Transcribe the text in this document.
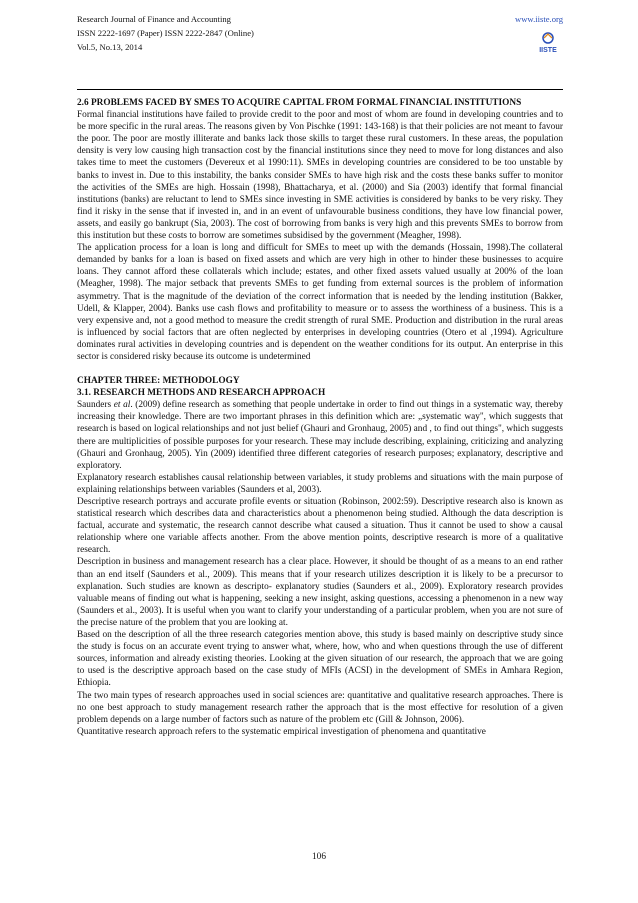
Research Journal of Finance and Accounting
ISSN 2222-1697 (Paper) ISSN 2222-2847 (Online)
Vol.5, No.13, 2014
www.iiste.org
IISTE

2.6 PROBLEMS FACED BY SMES TO ACQUIRE CAPITAL FROM FORMAL FINANCIAL INSTITUTIONS

Formal financial institutions have failed to provide credit to the poor and most of whom are found in developing countries and to be more specific in the rural areas. The reasons given by Von Pischke (1991: 143-168) is that their policies are not meant to favour the poor. The poor are mostly illiterate and banks lack those skills to target these rural customers. In these areas, the population density is very low causing high transaction cost by the financial institutions since they need to move for long distances and also takes time to meet the customers (Devereux et al 1990:11). SMEs in developing countries are considered to be too unstable by banks to invest in. Due to this instability, the banks consider SMEs to have high risk and the costs these banks suffer to monitor the activities of the SMEs are high. Hossain (1998), Bhattacharya, et al. (2000) and Sia (2003) identify that formal financial institutions (banks) are reluctant to lend to SMEs since investing in SME activities is considered by banks to be very risky. They find it risky in the sense that if invested in, and in an event of unfavourable business conditions, they have low financial power, assets, and easily go bankrupt (Sia, 2003). The cost of borrowing from banks is very high and this prevents SMEs to borrow from this institution but these costs to borrow are sometimes subsidised by the government (Meagher, 1998).

The application process for a loan is long and difficult for SMEs to meet up with the demands (Hossain, 1998).The collateral demanded by banks for a loan is based on fixed assets and which are very high in other to hinder these businesses to acquire loans. They cannot afford these collaterals which include; estates, and other fixed assets valued usually at 200% of the loan (Meagher, 1998). The major setback that prevents SMEs to get funding from external sources is the problem of information asymmetry. That is the magnitude of the deviation of the correct information that is needed by the lending institution (Bakker, Udell, & Klapper, 2004). Banks use cash flows and profitability to measure or to assess the worthiness of a business. This is a very expensive and, not a good method to measure the credit strength of rural SME. Production and distribution in the rural areas is influenced by social factors that are often neglected by enterprises in developing countries (Otero et al ,1994). Agriculture dominates rural activities in developing countries and is dependent on the weather conditions for its output. An enterprise in this sector is considered risky because its outcome is undetermined

CHAPTER THREE: METHODOLOGY

3.1. RESEARCH METHODS AND RESEARCH APPROACH

Saunders et al. (2009) define research as something that people undertake in order to find out things in a systematic way, thereby increasing their knowledge. There are two important phrases in this definition which are: „systematic way", which suggests that research is based on logical relationships and not just belief (Ghauri and Gronhaug, 2005) and , to find out things", which suggests there are multiplicities of possible purposes for your research. These may include describing, explaining, criticizing and analyzing (Ghauri and Gronhaug, 2005). Yin (2009) identified three different categories of research purposes; explanatory, descriptive and exploratory.

Explanatory research establishes causal relationship between variables, it study problems and situations with the main purpose of explaining relationships between variables (Saunders et al, 2003).

Descriptive research portrays and accurate profile events or situation (Robinson, 2002:59). Descriptive research also is known as statistical research which describes data and characteristics about a phenomenon being studied. Although the data description is factual, accurate and systematic, the research cannot describe what caused a situation. Thus it cannot be used to show a causal relationship where one variable affects another. From the above mention points, descriptive research is more of a qualitative research.

Description in business and management research has a clear place. However, it should be thought of as a means to an end rather than an end itself (Saunders et al., 2009). This means that if your research utilizes description it is likely to be a precursor to explanation. Such studies are known as descripto- explanatory studies (Saunders et al., 2009). Exploratory research provides valuable means of finding out what is happening, seeking a new insight, asking questions, accessing a phenomenon in a new way (Saunders et al., 2003). It is useful when you want to clarify your understanding of a particular problem, when you are not sure of the precise nature of the problem that you are looking at.

Based on the description of all the three research categories mention above, this study is based mainly on descriptive study since the study is focus on an accurate event trying to answer what, where, how, who and when questions through the use of different sources, information and already existing theories. Looking at the given situation of our research, the approach that we are going to used is the descriptive approach based on the case study of MFIs (ACSI) in the development of SMEs in Amhara Region, Ethiopia.

The two main types of research approaches used in social sciences are: quantitative and qualitative research approaches. There is no one best approach to study management research rather the approach that is the most effective for resolution of a given problem depends on a large number of factors such as nature of the problem etc (Gill & Johnson, 2006).

Quantitative research approach refers to the systematic empirical investigation of phenomena and quantitative

106
